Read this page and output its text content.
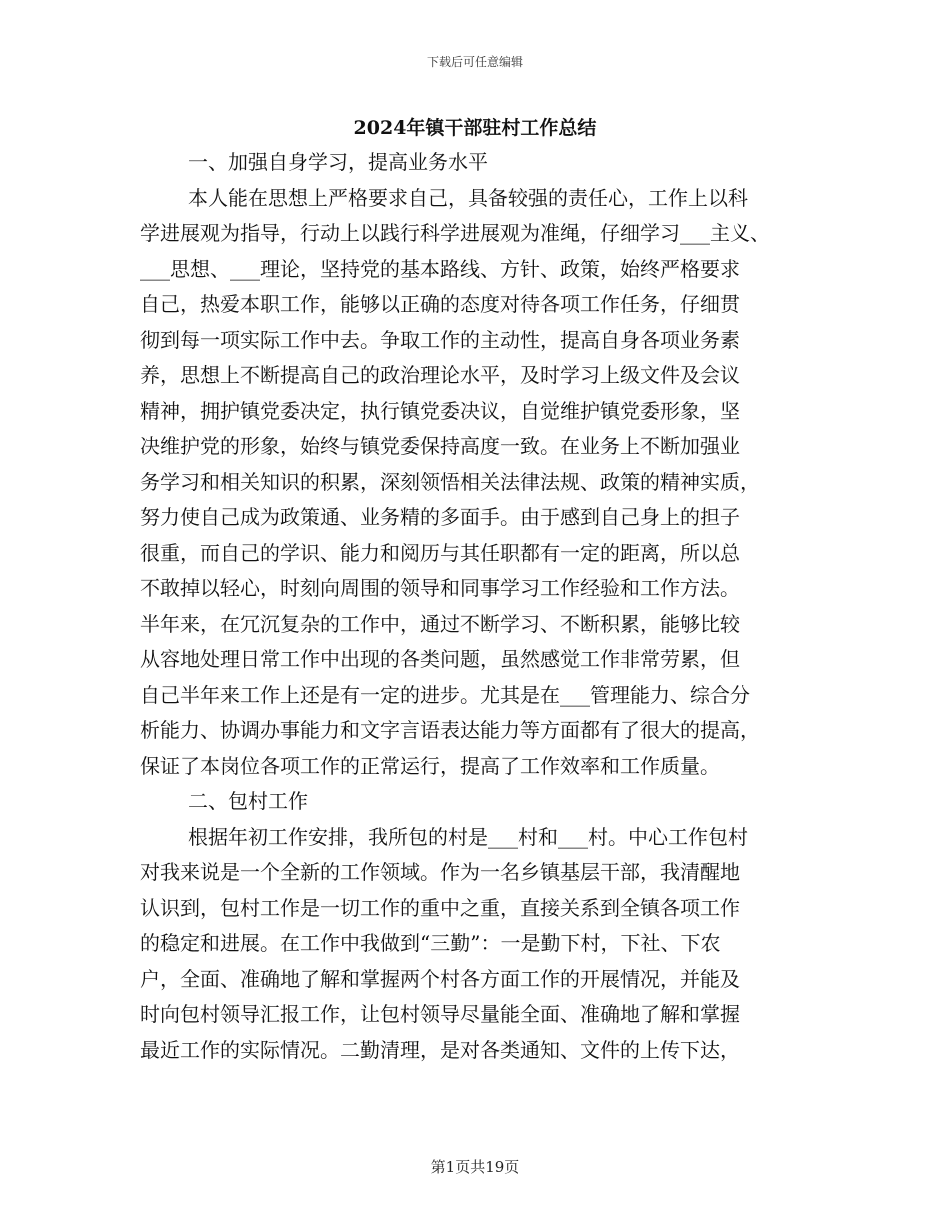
下载后可任意编辑
2024年镇干部驻村工作总结
一、加强自身学习，提高业务水平
本人能在思想上严格要求自己，具备较强的责任心，工作上以科
学进展观为指导，行动上以践行科学进展观为准绳，仔细学习___主义、
___思想、___理论，坚持党的基本路线、方针、政策，始终严格要求
自己，热爱本职工作，能够以正确的态度对待各项工作任务，仔细贯
彻到每一项实际工作中去。争取工作的主动性，提高自身各项业务素
养，思想上不断提高自己的政治理论水平，及时学习上级文件及会议
精神，拥护镇党委决定，执行镇党委决议，自觉维护镇党委形象，坚
决维护党的形象，始终与镇党委保持高度一致。在业务上不断加强业
务学习和相关知识的积累，深刻领悟相关法律法规、政策的精神实质，
努力使自己成为政策通、业务精的多面手。由于感到自己身上的担子
很重，而自己的学识、能力和阅历与其任职都有一定的距离，所以总
不敢掉以轻心，时刻向周围的领导和同事学习工作经验和工作方法。
半年来，在冗沉复杂的工作中，通过不断学习、不断积累，能够比较
从容地处理日常工作中出现的各类问题，虽然感觉工作非常劳累，但
自己半年来工作上还是有一定的进步。尤其是在___管理能力、综合分
析能力、协调办事能力和文字言语表达能力等方面都有了很大的提高，
保证了本岗位各项工作的正常运行，提高了工作效率和工作质量。
二、包村工作
根据年初工作安排，我所包的村是___村和___村。中心工作包村
对我来说是一个全新的工作领域。作为一名乡镇基层干部，我清醒地
认识到，包村工作是一切工作的重中之重，直接关系到全镇各项工作
的稳定和进展。在工作中我做到“三勤”：一是勤下村，下社、下农
户，全面、准确地了解和掌握两个村各方面工作的开展情况，并能及
时向包村领导汇报工作，让包村领导尽量能全面、准确地了解和掌握
最近工作的实际情况。二勤清理，是对各类通知、文件的上传下达，
第1页共19页
